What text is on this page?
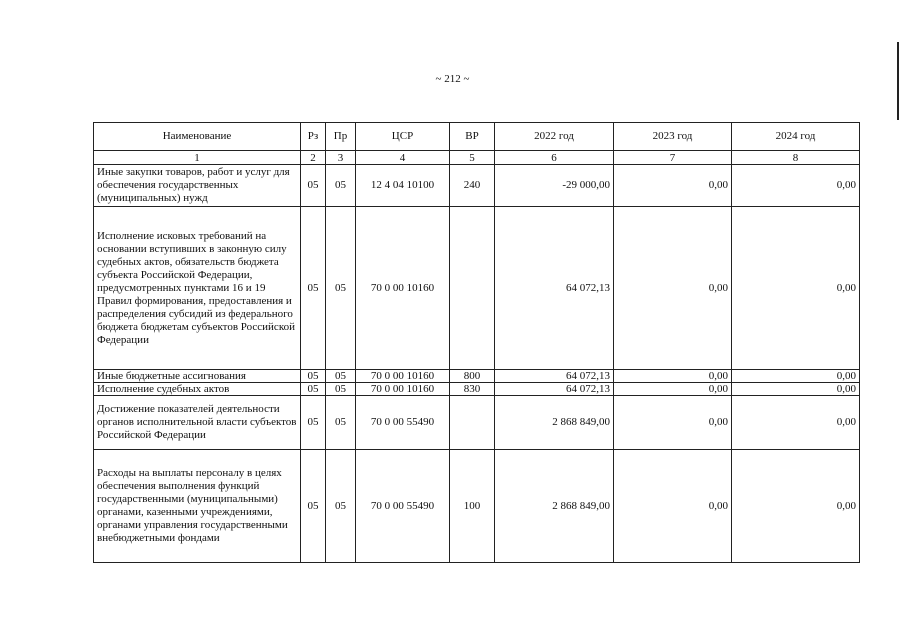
~ 212 ~
Наименование	Рз	Пр	ЦСР	ВР	2022 год	2023 год	2024 год
1	2	3	4	5	6	7	8
Иные закупки товаров, работ и услуг для обеспечения государственных (муниципальных) нужд	05	05	12 4 04 10100	240	-29 000,00	0,00	0,00
Исполнение исковых требований на основании вступивших в законную силу судебных актов, обязательств бюджета субъекта Российской Федерации, предусмотренных пунктами 16 и 19 Правил формирования, предоставления и распределения субсидий из федерального бюджета бюджетам субъектов Российской Федерации	05	05	70 0 00 10160		64 072,13	0,00	0,00
Иные бюджетные ассигнования	05	05	70 0 00 10160	800	64 072,13	0,00	0,00
Исполнение судебных актов	05	05	70 0 00 10160	830	64 072,13	0,00	0,00
Достижение показателей деятельности органов исполнительной власти субъектов Российской Федерации	05	05	70 0 00 55490		2 868 849,00	0,00	0,00
Расходы на выплаты персоналу в целях обеспечения выполнения функций государственными (муниципальными) органами, казенными учреждениями, органами управления государственными внебюджетными фондами	05	05	70 0 00 55490	100	2 868 849,00	0,00	0,00
